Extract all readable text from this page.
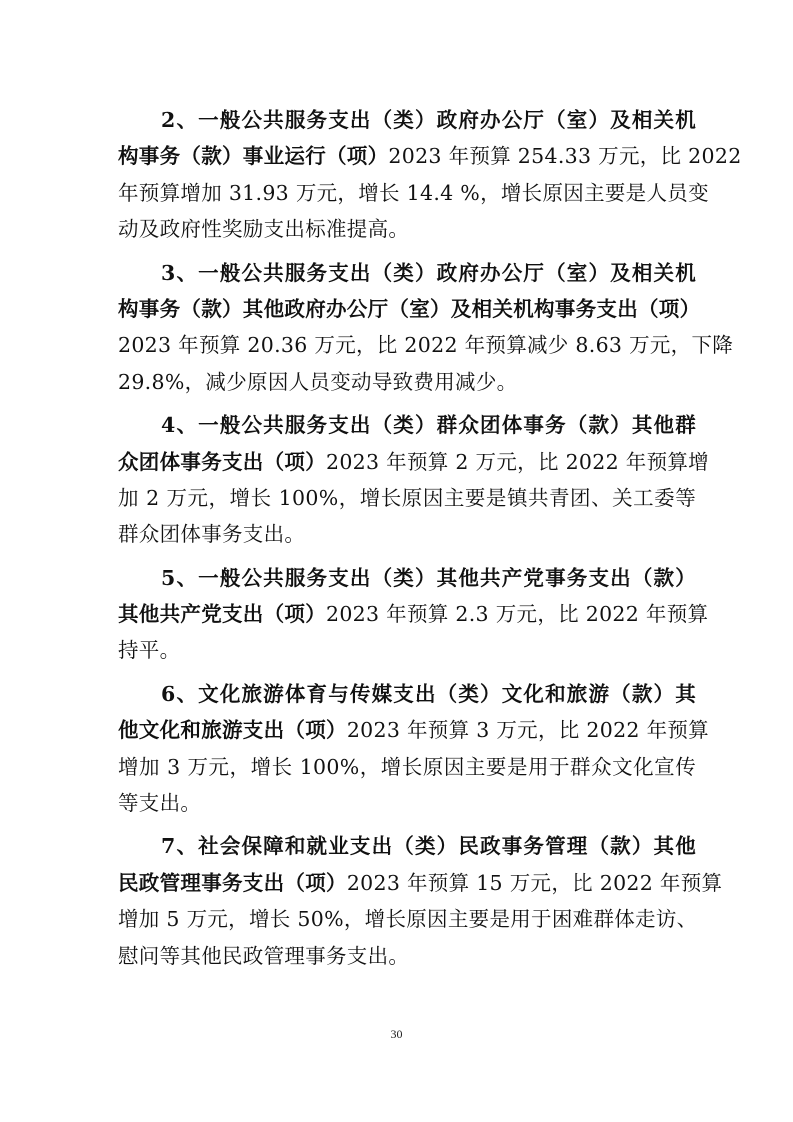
2、一般公共服务支出（类）政府办公厅（室）及相关机
构事务（款）事业运行（项）2023 年预算 254.33 万元，比 2022
年预算增加 31.93 万元，增长 14.4 %，增长原因主要是人员变
动及政府性奖励支出标准提高。
3、一般公共服务支出（类）政府办公厅（室）及相关机
构事务（款）其他政府办公厅（室）及相关机构事务支出（项）
2023 年预算 20.36 万元，比 2022 年预算减少 8.63 万元，下降
29.8%，减少原因人员变动导致费用减少。
4、一般公共服务支出（类）群众团体事务（款）其他群
众团体事务支出（项）2023 年预算 2 万元，比 2022 年预算增
加 2 万元，增长 100%，增长原因主要是镇共青团、关工委等
群众团体事务支出。
5、一般公共服务支出（类）其他共产党事务支出（款）
其他共产党支出（项）2023 年预算 2.3 万元，比 2022 年预算
持平。
6、文化旅游体育与传媒支出（类）文化和旅游（款）其
他文化和旅游支出（项）2023 年预算 3 万元，比 2022 年预算
增加 3 万元，增长 100%，增长原因主要是用于群众文化宣传
等支出。
7、社会保障和就业支出（类）民政事务管理（款）其他
民政管理事务支出（项）2023 年预算 15 万元，比 2022 年预算
增加 5 万元，增长 50%，增长原因主要是用于困难群体走访、
慰问等其他民政管理事务支出。
30
